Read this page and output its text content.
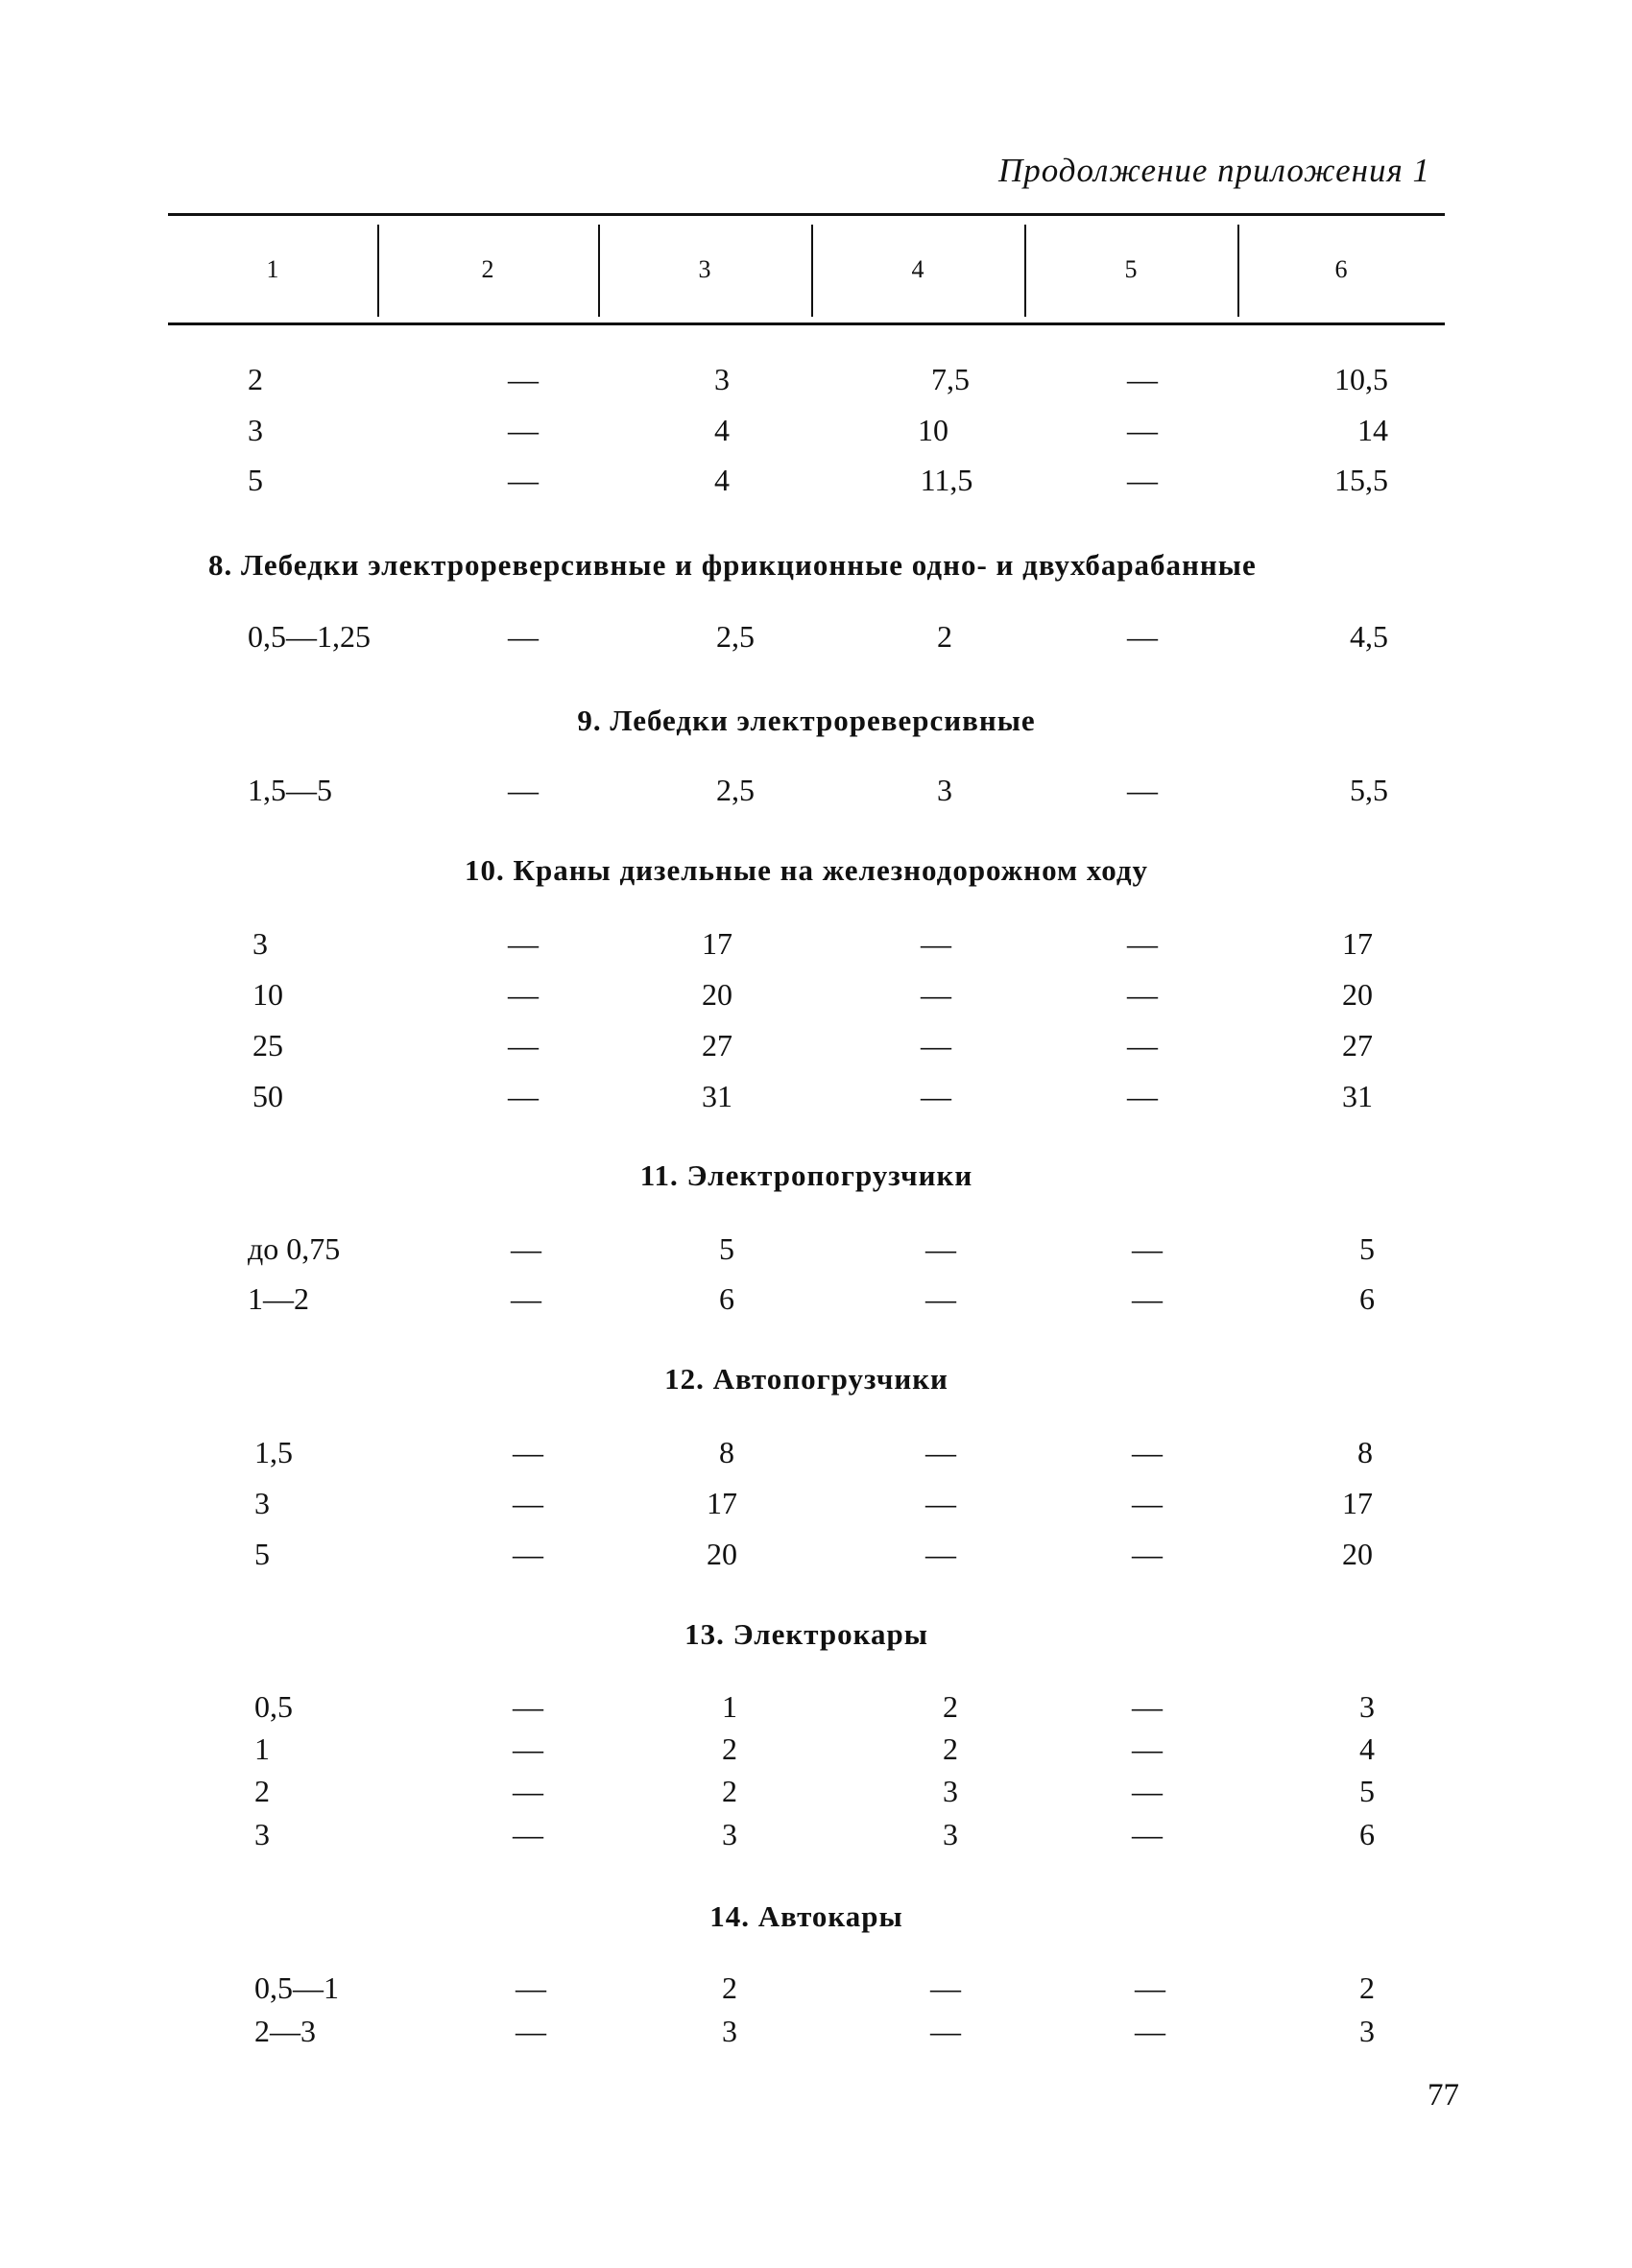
Продолжение приложения 1
1	2	3	4	5	6
2	—	3	7,5	—	10,5
3	—	4	10	—	14
5	—	4	11,5	—	15,5
8. Лебедки электрореверсивные и фрикционные одно- и двухбарабанные
0,5—1,25	—	2,5	2	—	4,5
9. Лебедки электрореверсивные
1,5—5	—	2,5	3	—	5,5
10. Краны дизельные на железнодорожном ходу
3	—	17	—	—	17
10	—	20	—	—	20
25	—	27	—	—	27
50	—	31	—	—	31
11. Электропогрузчики
до 0,75	—	5	—	—	5
1—2	—	6	—	—	6
12. Автопогрузчики
1,5	—	8	—	—	8
3	—	17	—	—	17
5	—	20	—	—	20
13. Электрокары
0,5	—	1	2	—	3
1	—	2	2	—	4
2	—	2	3	—	5
3	—	3	3	—	6
14. Автокары
0,5—1	—	2	—	—	2
2—3	—	3	—	—	3
77
